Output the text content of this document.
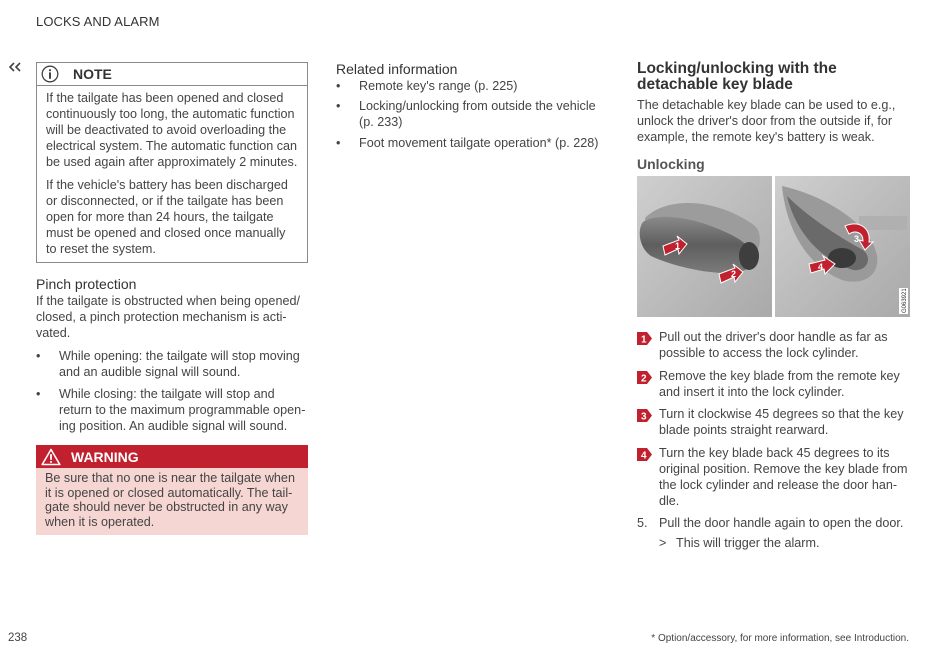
LOCKS AND ALARM
NOTE

If the tailgate has been opened and closed continuously too long, the automatic function will be deactivated to avoid overloading the electrical system. The automatic function can be used again after approximately 2 minutes.

If the vehicle's battery has been discharged or disconnected, or if the tailgate has been open for more than 24 hours, the tailgate must be opened and closed once manually to reset the system.

Pinch protection
If the tailgate is obstructed when being opened/ closed, a pinch protection mechanism is acti- vated.
• While opening: the tailgate will stop moving and an audible signal will sound.
• While closing: the tailgate will stop and return to the maximum programmable open- ing position. An audible signal will sound.
WARNING
Be sure that no one is near the tailgate when it is opened or closed automatically. The tail- gate should never be obstructed in any way when it is operated.
Related information
• Remote key's range (p. 225)
• Locking/unlocking from outside the vehicle (p. 233)
• Foot movement tailgate operation* (p. 228)
Locking/unlocking with the detachable key blade
The detachable key blade can be used to e.g., unlock the driver's door from the outside if, for example, the remote key's battery is weak.
Unlocking
1
2
3
4
G063921
1 Pull out the driver's door handle as far as possible to access the lock cylinder.
2 Remove the key blade from the remote key and insert it into the lock cylinder.
3 Turn it clockwise 45 degrees so that the key blade points straight rearward.
4 Turn the key blade back 45 degrees to its original position. Remove the key blade from the lock cylinder and release the door han- dle.
5. Pull the door handle again to open the door.
> This will trigger the alarm.
238	* Option/accessory, for more information, see Introduction.
